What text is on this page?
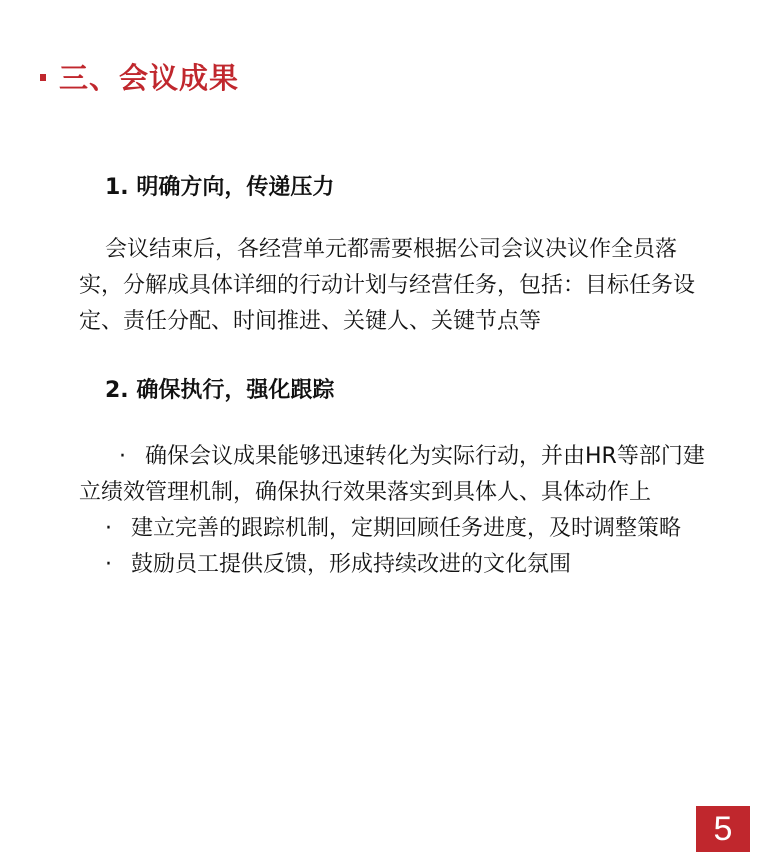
三、会议成果

1. 明确方向，传递压力

会议结束后，各经营单元都需要根据公司会议决议作全员落实，分解成具体详细的行动计划与经营任务，包括：目标任务设定、责任分配、时间推进、关键人、关键节点等

2. 确保执行，强化跟踪

· 确保会议成果能够迅速转化为实际行动，并由HR等部门建立绩效管理机制，确保执行效果落实到具体人、具体动作上

· 建立完善的跟踪机制，定期回顾任务进度，及时调整策略

· 鼓励员工提供反馈，形成持续改进的文化氛围

5
